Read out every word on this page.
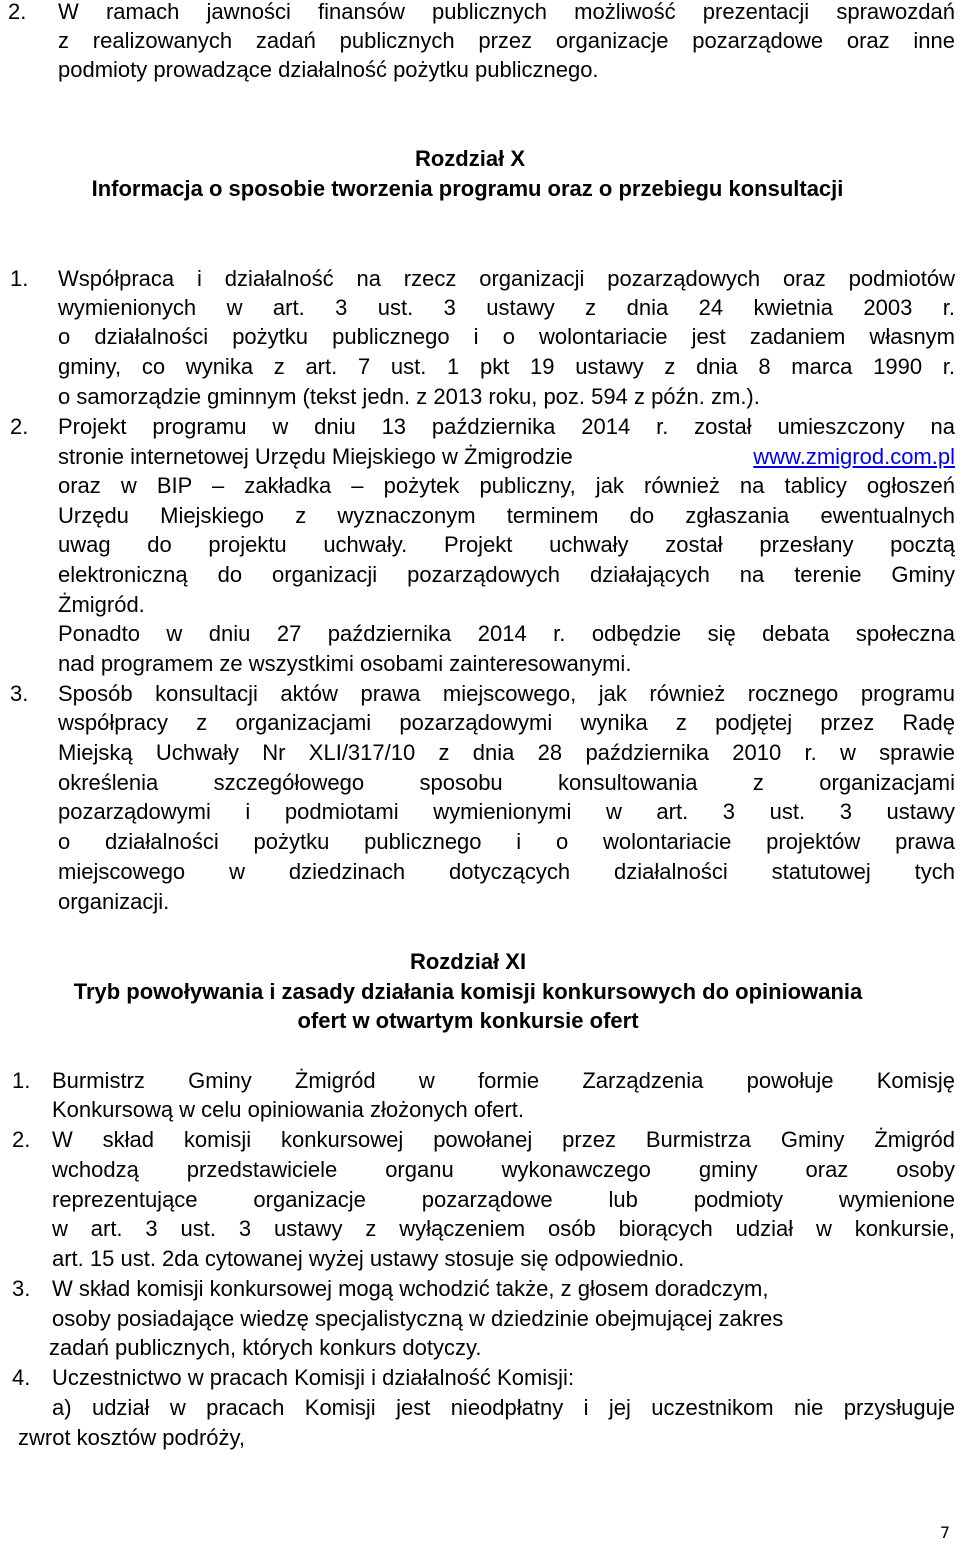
2. W ramach jawności finansów publicznych możliwość prezentacji sprawozdań

z realizowanych zadań publicznych przez organizacje pozarządowe oraz inne

podmioty prowadzące działalność pożytku publicznego.

Rozdział X

Informacja o sposobie tworzenia programu oraz o przebiegu konsultacji

1. Współpraca i działalność na rzecz organizacji pozarządowych oraz podmiotów

wymienionych w art. 3 ust. 3 ustawy z dnia 24 kwietnia 2003 r.

o działalności pożytku publicznego i o wolontariacie jest zadaniem własnym

gminy, co wynika z art. 7 ust. 1 pkt 19 ustawy z dnia 8 marca 1990 r.

o samorządzie gminnym (tekst jedn. z 2013 roku, poz. 594 z późn. zm.).

2. Projekt programu w dniu 13 października 2014 r. został umieszczony na

stronie internetowej Urzędu Miejskiego w Żmigrodzie	www.zmigrod.com.pl

oraz w BIP – zakładka – pożytek publiczny, jak również na tablicy ogłoszeń

Urzędu Miejskiego z wyznaczonym terminem do zgłaszania ewentualnych

uwag do projektu uchwały. Projekt uchwały został przesłany pocztą

elektroniczną do organizacji pozarządowych działających na terenie Gminy

Żmigród.

Ponadto w dniu 27 października 2014 r. odbędzie się debata społeczna

nad programem ze wszystkimi osobami zainteresowanymi.

3. Sposób konsultacji aktów prawa miejscowego, jak również rocznego programu

współpracy z organizacjami pozarządowymi wynika z podjętej przez Radę

Miejską Uchwały Nr XLI/317/10 z dnia 28 października 2010 r. w sprawie

określenia szczegółowego sposobu konsultowania z organizacjami

pozarządowymi i podmiotami wymienionymi w art. 3 ust. 3 ustawy

o działalności pożytku publicznego i o wolontariacie projektów prawa

miejscowego w dziedzinach dotyczących działalności statutowej tych

organizacji.

Rozdział XI

Tryb powoływania i zasady działania komisji konkursowych do opiniowania

ofert w otwartym konkursie ofert

1. Burmistrz Gminy Żmigród w formie Zarządzenia powołuje Komisję

Konkursową w celu opiniowania złożonych ofert.

2. W skład komisji konkursowej powołanej przez Burmistrza Gminy Żmigród

wchodzą przedstawiciele organu wykonawczego gminy oraz osoby

reprezentujące organizacje pozarządowe lub podmioty wymienione

w art. 3 ust. 3 ustawy z wyłączeniem osób biorących udział w konkursie,

art. 15 ust. 2da cytowanej wyżej ustawy stosuje się odpowiednio.

3. W skład komisji konkursowej mogą wchodzić także, z głosem doradczym,

osoby posiadające wiedzę specjalistyczną w dziedzinie obejmującej zakres

zadań publicznych, których konkurs dotyczy.

4. Uczestnictwo w pracach Komisji i działalność Komisji:

a) udział w pracach Komisji jest nieodpłatny i jej uczestnikom nie przysługuje

zwrot kosztów podróży,

7
